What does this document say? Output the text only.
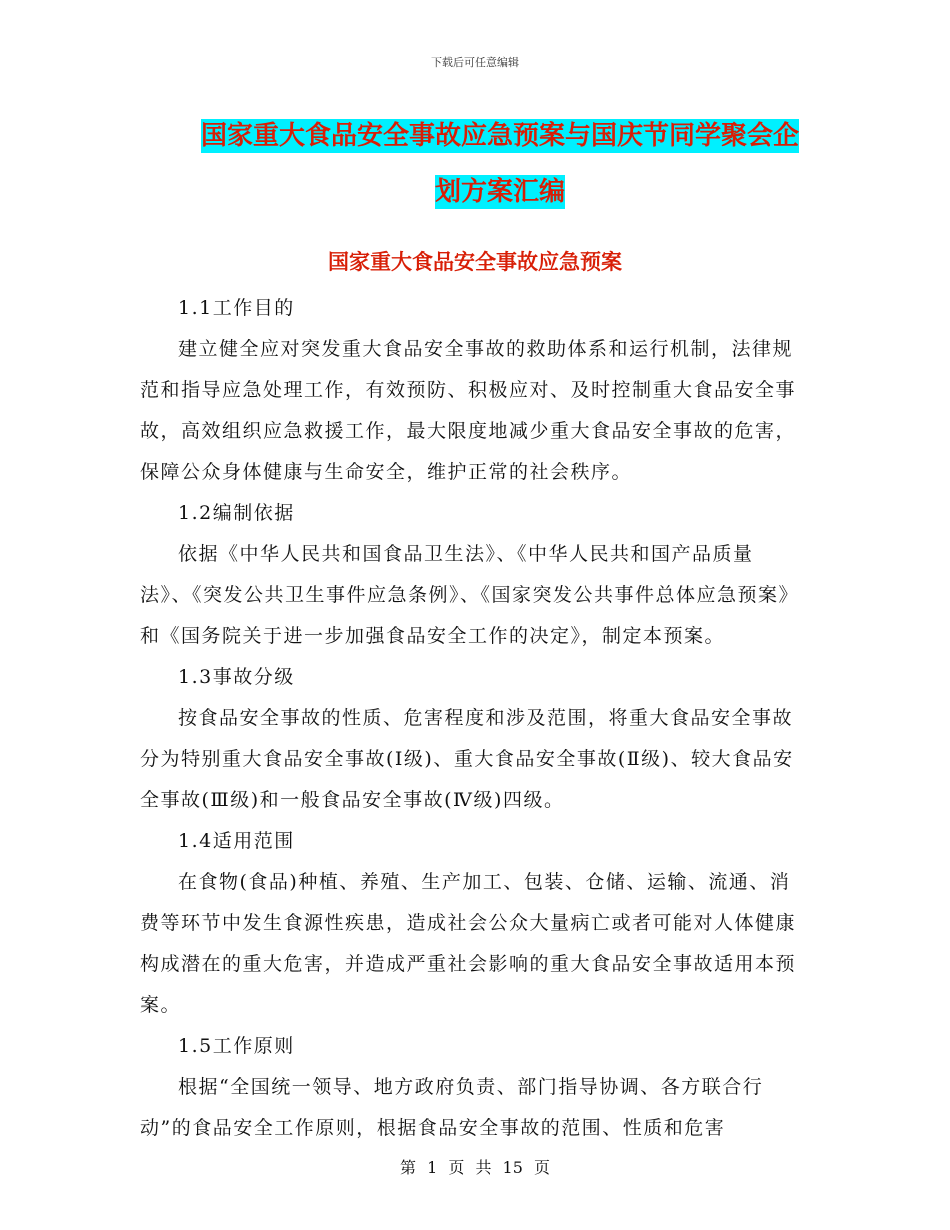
下载后可任意编辑
国家重大食品安全事故应急预案与国庆节同学聚会企
划方案汇编
国家重大食品安全事故应急预案

1.1工作目的

建立健全应对突发重大食品安全事故的救助体系和运行机制，法律规范和指导应急处理工作，有效预防、积极应对、及时控制重大食品安全事故，高效组织应急救援工作，最大限度地减少重大食品安全事故的危害，保障公众身体健康与生命安全，维护正常的社会秩序。

1.2编制依据

依据《中华人民共和国食品卫生法》、《中华人民共和国产品质量法》、《突发公共卫生事件应急条例》、《国家突发公共事件总体应急预案》和《国务院关于进一步加强食品安全工作的决定》，制定本预案。

1.3事故分级

按食品安全事故的性质、危害程度和涉及范围，将重大食品安全事故分为特别重大食品安全事故(Ⅰ级)、重大食品安全事故(Ⅱ级)、较大食品安全事故(Ⅲ级)和一般食品安全事故(Ⅳ级)四级。

1.4适用范围

在食物(食品)种植、养殖、生产加工、包装、仓储、运输、流通、消费等环节中发生食源性疾患，造成社会公众大量病亡或者可能对人体健康构成潜在的重大危害，并造成严重社会影响的重大食品安全事故适用本预案。

1.5工作原则

根据“全国统一领导、地方政府负责、部门指导协调、各方联合行动”的食品安全工作原则，根据食品安全事故的范围、性质和危害

第 1 页 共 15 页
